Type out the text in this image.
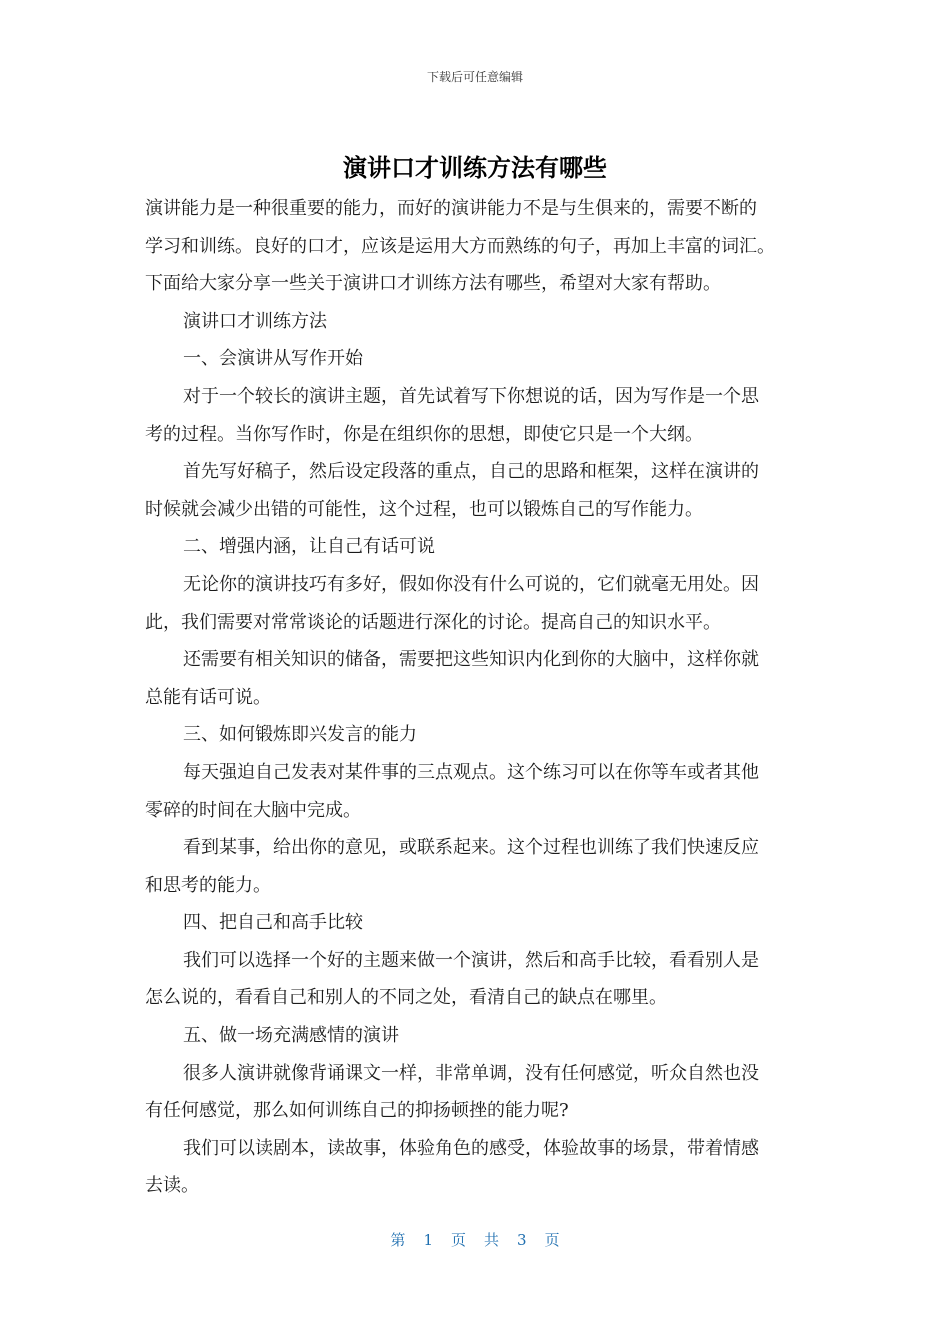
下载后可任意编辑
演讲口才训练方法有哪些
演讲能力是一种很重要的能力，而好的演讲能力不是与生俱来的，需要不断的
学习和训练。良好的口才，应该是运用大方而熟练的句子，再加上丰富的词汇。
下面给大家分享一些关于演讲口才训练方法有哪些，希望对大家有帮助。
演讲口才训练方法
一、会演讲从写作开始
对于一个较长的演讲主题，首先试着写下你想说的话，因为写作是一个思
考的过程。当你写作时，你是在组织你的思想，即使它只是一个大纲。
首先写好稿子，然后设定段落的重点，自己的思路和框架，这样在演讲的
时候就会减少出错的可能性，这个过程，也可以锻炼自己的写作能力。
二、增强内涵，让自己有话可说
无论你的演讲技巧有多好，假如你没有什么可说的，它们就毫无用处。因
此，我们需要对常常谈论的话题进行深化的讨论。提高自己的知识水平。
还需要有相关知识的储备，需要把这些知识内化到你的大脑中，这样你就
总能有话可说。
三、如何锻炼即兴发言的能力
每天强迫自己发表对某件事的三点观点。这个练习可以在你等车或者其他
零碎的时间在大脑中完成。
看到某事，给出你的意见，或联系起来。这个过程也训练了我们快速反应
和思考的能力。
四、把自己和高手比较
我们可以选择一个好的主题来做一个演讲，然后和高手比较，看看别人是
怎么说的，看看自己和别人的不同之处，看清自己的缺点在哪里。
五、做一场充满感情的演讲
很多人演讲就像背诵课文一样，非常单调，没有任何感觉，听众自然也没
有任何感觉，那么如何训练自己的抑扬顿挫的能力呢?
我们可以读剧本，读故事，体验角色的感受，体验故事的场景，带着情感
去读。
第 1 页 共 3 页
